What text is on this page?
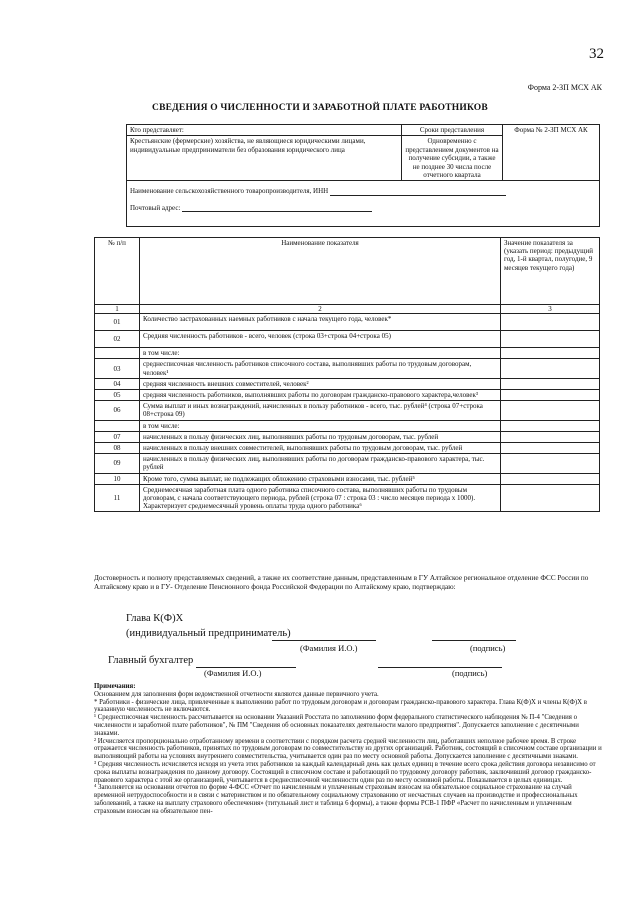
32
Форма 2-ЗП МСХ АК
СВЕДЕНИЯ О ЧИСЛЕННОСТИ И ЗАРАБОТНОЙ ПЛАТЕ РАБОТНИКОВ
Кто представляет:	Сроки представления	Форма № 2-ЗП МСХ АК
Крестьянские (фермерские) хозяйства, не являющиеся юридическими лицами, индивидуальные предприниматели без образования юридического лица	Одновременно с представлением документов на получение субсидии, а также не позднее 30 числа после отчетного квартала	

Наименование сельскохозяйственного товаропроизводителя, ИНН
Почтовый адрес:		
№ п/п	Наименование показателя	Значение показателя за (указать период: предыдущий год, 1-й квартал, полугодие, 9 месяцев текущего года)
1	2	3
01	Количество застрахованных наемных работников с начала текущего года, человек*	
02	Средняя численность работников - всего, человек (строка 03+строка 04+строка 05)	
	в том числе:	
03	среднесписочная численность работников списочного состава, выполнявших работы по трудовым договорам, человек¹	
04	средняя численность внешних совместителей, человек²	
05	средняя численность работников, выполнявших работы по договорам гражданско-правового характера,человек³	
06	Сумма выплат и иных вознаграждений, начисленных в пользу работников - всего, тыс. рублей⁴ (строка 07+строка 08+строка 09)	
	в том числе:	
07	начисленных в пользу физических лиц, выполнявших работы по трудовым договорам, тыс. рублей	
08	начисленных в пользу внешних совместителей, выполнявших работы по трудовым договорам, тыс. рублей	
09	начисленных в пользу физических лиц, выполнявших работы по договорам гражданско-правового характера, тыс. рублей	
10	Кроме того, сумма выплат, не подлежащих обложению страховыми взносами, тыс. рублей⁵	
11	Среднемесячная заработная плата одного работника списочного состава, выполнявших работы по трудовым договорам, с начала соответствующего периода, рублей (строка 07 : строка 03 : число месяцев периода х 1000). Характеризует среднемесячный уровень оплаты труда одного работника⁶	
Достоверность и полноту представляемых сведений, а также их соответствие данным, представленным в ГУ Алтайское региональное отделение ФСС России по Алтайскому краю и в ГУ- Отделение Пенсионного фонда Российской Федерации по Алтайскому краю, подтверждаю:
Глава К(Ф)Х
(индивидуальный предприниматель)
(Фамилия И.О.)	(подпись)
Главный бухгалтер
(Фамилия И.О.)	(подпись)

Примечания:

Основанием для заполнения форм ведомственной отчетности являются данные первичного учета.

* Работники - физические лица, привлеченные к выполнению работ по трудовым договорам и договорам гражданско-правового характера. Глава К(Ф)Х и члены К(Ф)Х в указанную численность не включаются.

¹ Среднесписочная численность рассчитывается на основании Указаний Росстата по заполнению форм федерального статистического наблюдения № П-4 "Сведения о численности и заработной плате работников", № ПМ "Сведения об основных показателях деятельности малого предприятия". Допускается заполнение с десятичными знаками.

² Исчисляется пропорционально отработанному времени в соответствии с порядком расчета средней численности лиц, работавших неполное рабочее время. В строке отражается численность работников, принятых по трудовым договорам по совместительству из других организаций. Работник, состоящий в списочном составе организации и выполняющий работы на условиях внутреннего совместительства, учитывается один раз по месту основной работы. Допускается заполнение с десятичными знаками.

³ Средняя численность исчисляется исходя из учета этих работников за каждый календарный день как целых единиц в течение всего срока действия договора независимо от срока выплаты вознаграждения по данному договору. Состоящий в списочном составе и работающий по трудовому договору работник, заключивший договор гражданско-правового характера с этой же организацией, учитывается в среднесписочной численности один раз по месту основной работы. Показывается в целых единицах.

⁴ Заполняется на основании отчетов по форме 4-ФСС «Отчет по начисленным и уплаченным страховым взносам на обязательное социальное страхование на случай временной нетрудоспособности и в связи с материнством и по обязательному социальному страхованию от несчастных случаев на производстве и профессиональных заболеваний, а также на выплату страхового обеспечения» (титульный лист и таблица 6 формы), а также формы РСВ-1 ПФР «Расчет по начисленным и уплаченным страховым взносам на обязательное пен-
